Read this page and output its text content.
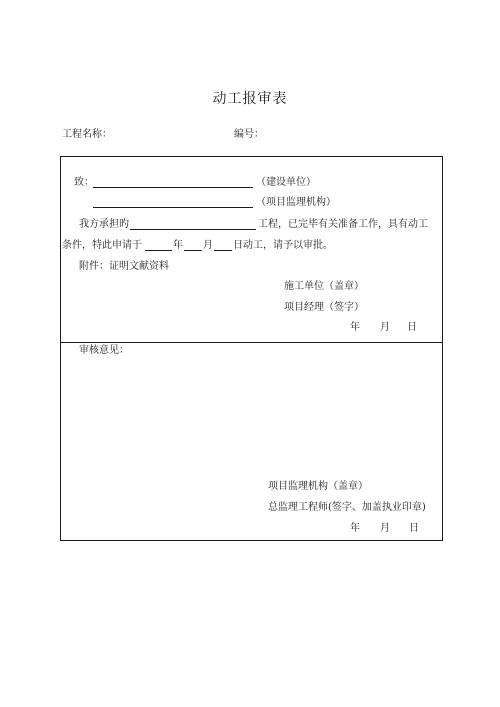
动工报审表
工程名称：	编号：
致：	（建设单位）
（项目监理机构）
我方承担旳	工程，已完毕有关准备工作，具有动工
条件，特此申请于	年 月 日动工，请予以审批。
附件：证明文献资料
施工单位（盖章）
项目经理（签字）
年 月 日
审核意见：
项目监理机构（盖章）
总监理工程师(签字、加盖执业印章)
年 月 日
